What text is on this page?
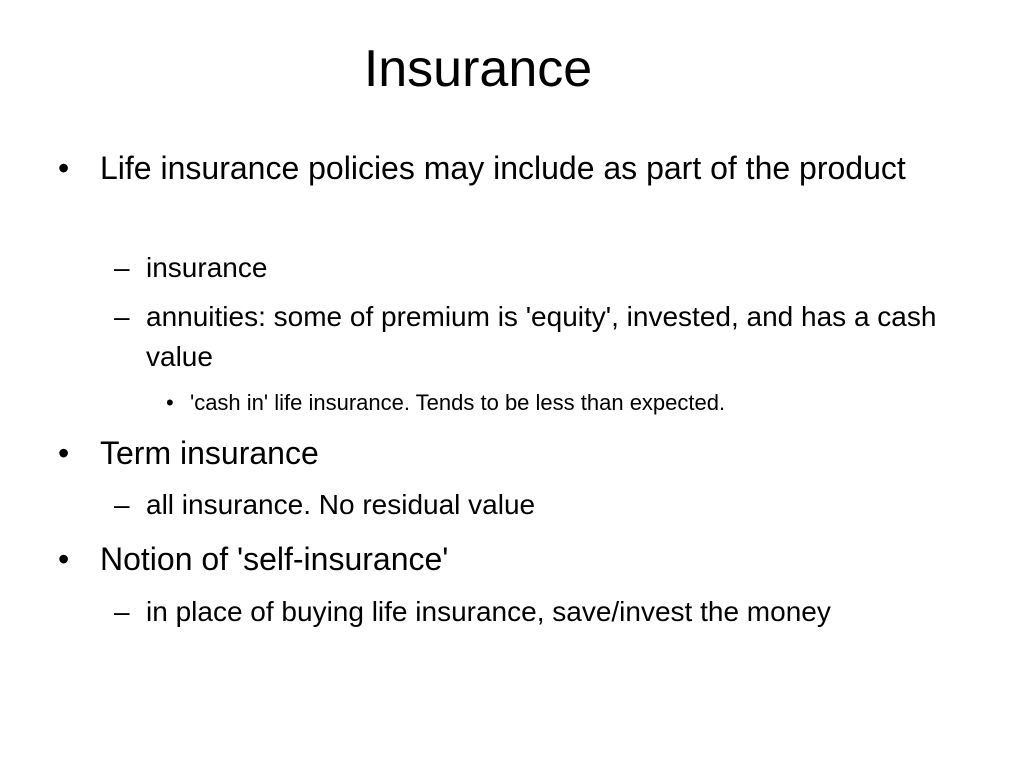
Insurance

• Life insurance policies may include as part of the product

– insurance

– annuities: some of premium is 'equity', invested, and has a cash value

• 'cash in' life insurance. Tends to be less than expected.

• Term insurance

– all insurance. No residual value

• Notion of 'self-insurance'

– in place of buying life insurance, save/invest the money
